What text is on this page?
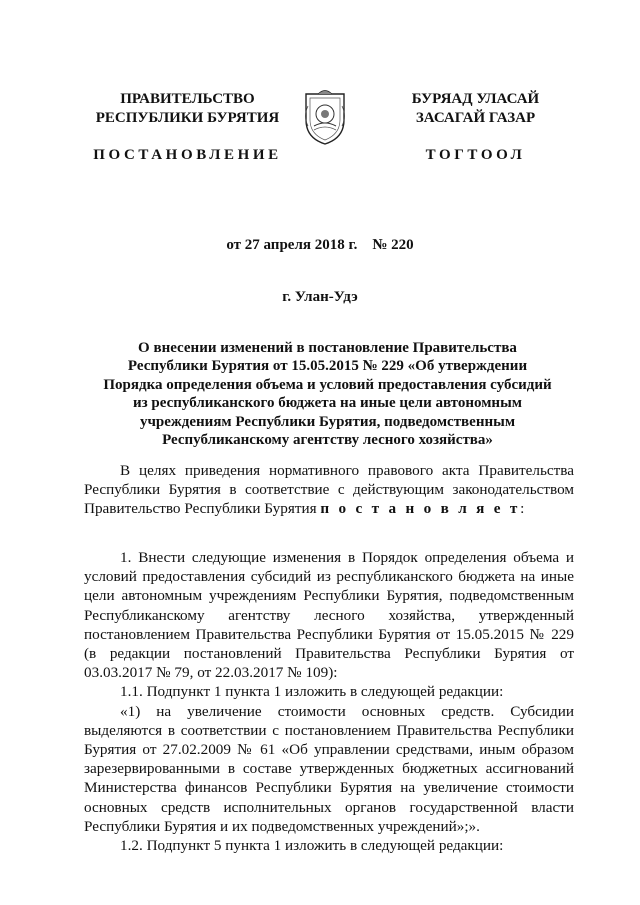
ПРАВИТЕЛЬСТВО
РЕСПУБЛИКИ БУРЯТИЯ
ПОСТАНОВЛЕНИЕ
БУРЯАД УЛАСАЙ
ЗАСАГАЙ ГАЗАР
ТОГТООЛ
от 27 апреля 2018 г.    № 220
г. Улан-Удэ
О внесении изменений в постановление Правительства
Республики Бурятия от 15.05.2015 № 229 «Об утверждении
Порядка определения объема и условий предоставления субсидий
из республиканского бюджета на иные цели автономным
учреждениям Республики Бурятия, подведомственным
Республиканскому агентству лесного хозяйства»

В целях приведения нормативного правового акта Правительства Республики Бурятия в соответствие с действующим законодательством Правительство Республики Бурятия п о с т а н о в л я е т:

1. Внести следующие изменения в Порядок определения объема и условий предоставления субсидий из республиканского бюджета на иные цели автономным учреждениям Республики Бурятия, подведомственным Республиканскому агентству лесного хозяйства, утвержденный постановлением Правительства Республики Бурятия от 15.05.2015 № 229 (в редакции постановлений Правительства Республики Бурятия от 03.03.2017 № 79, от 22.03.2017 № 109):

1.1. Подпункт 1 пункта 1 изложить в следующей редакции:

«1) на увеличение стоимости основных средств. Субсидии выделяются в соответствии с постановлением Правительства Республики Бурятия от 27.02.2009 № 61 «Об управлении средствами, иным образом зарезервированными в составе утвержденных бюджетных ассигнований Министерства финансов Республики Бурятия на увеличение стоимости основных средств исполнительных органов государственной власти Республики Бурятия и их подведомственных учреждений»;».

1.2. Подпункт 5 пункта 1 изложить в следующей редакции:
